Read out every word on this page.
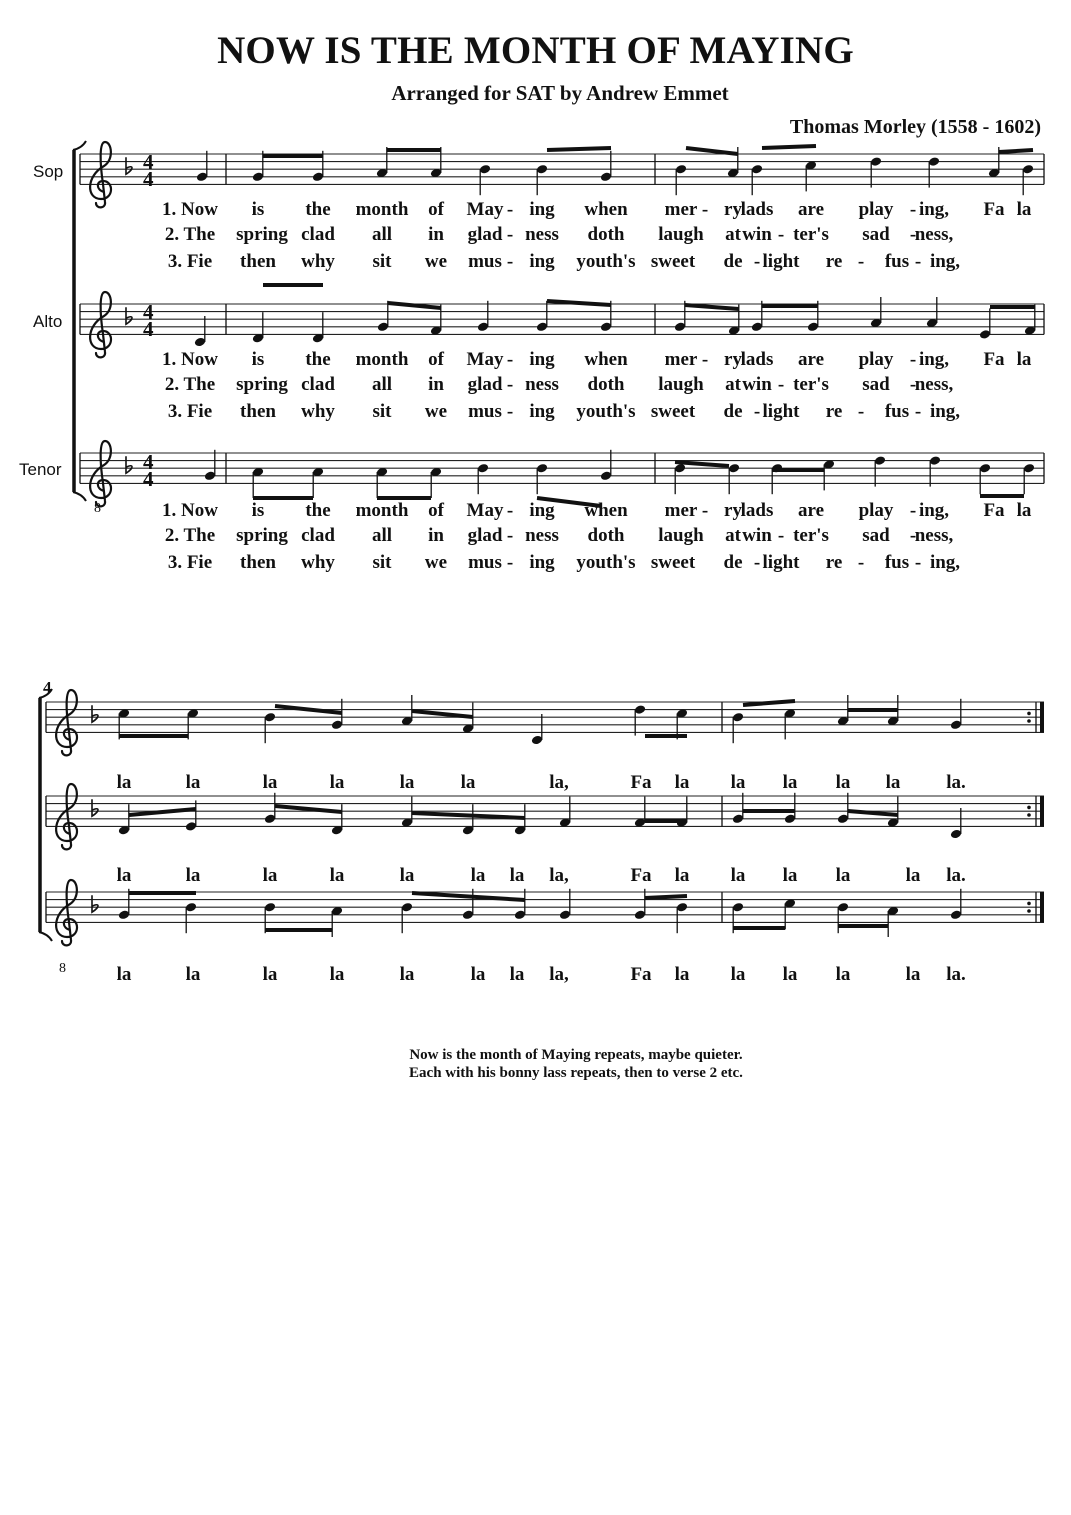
NOW IS THE MONTH OF MAYING
Arranged for SAT by Andrew Emmet
Thomas Morley (1558 - 1602)
Sop
Alto
Tenor
4
4
4
4
4
4
4
8
8
1. Now is the month of May - ing when mer - ry
lads are play - ing, Fa la
2. The spring clad all in glad - ness doth laugh at win - ter's sad -
ness,
3. Fie then why sit we mus - ing youth's sweet de - light re - fus - ing,
1. Now is the month of May - ing when mer - ry
lads are play - ing, Fa la
2. The spring clad all in glad - ness doth laugh at win - ter's sad -
ness,
3. Fie then why sit we mus - ing youth's sweet de - light re - fus - ing,
1. Now is the month of May - ing when mer - ry
lads are play - ing, Fa la
2. The spring clad all in glad - ness doth laugh at win - ter's sad -
ness,
3. Fie then why sit we mus - ing youth's sweet de - light re - fus - ing,
la	la	la	la	la la	la,	Fa la la la la la la.
la	la	la	la	la	la la la,	Fa la la la la	la la.
la	la	la	la	la	la la la,	Fa la la la la	la la.
Now is the month of Maying repeats, maybe quieter.
Each with his bonny lass repeats, then to verse 2 etc.
